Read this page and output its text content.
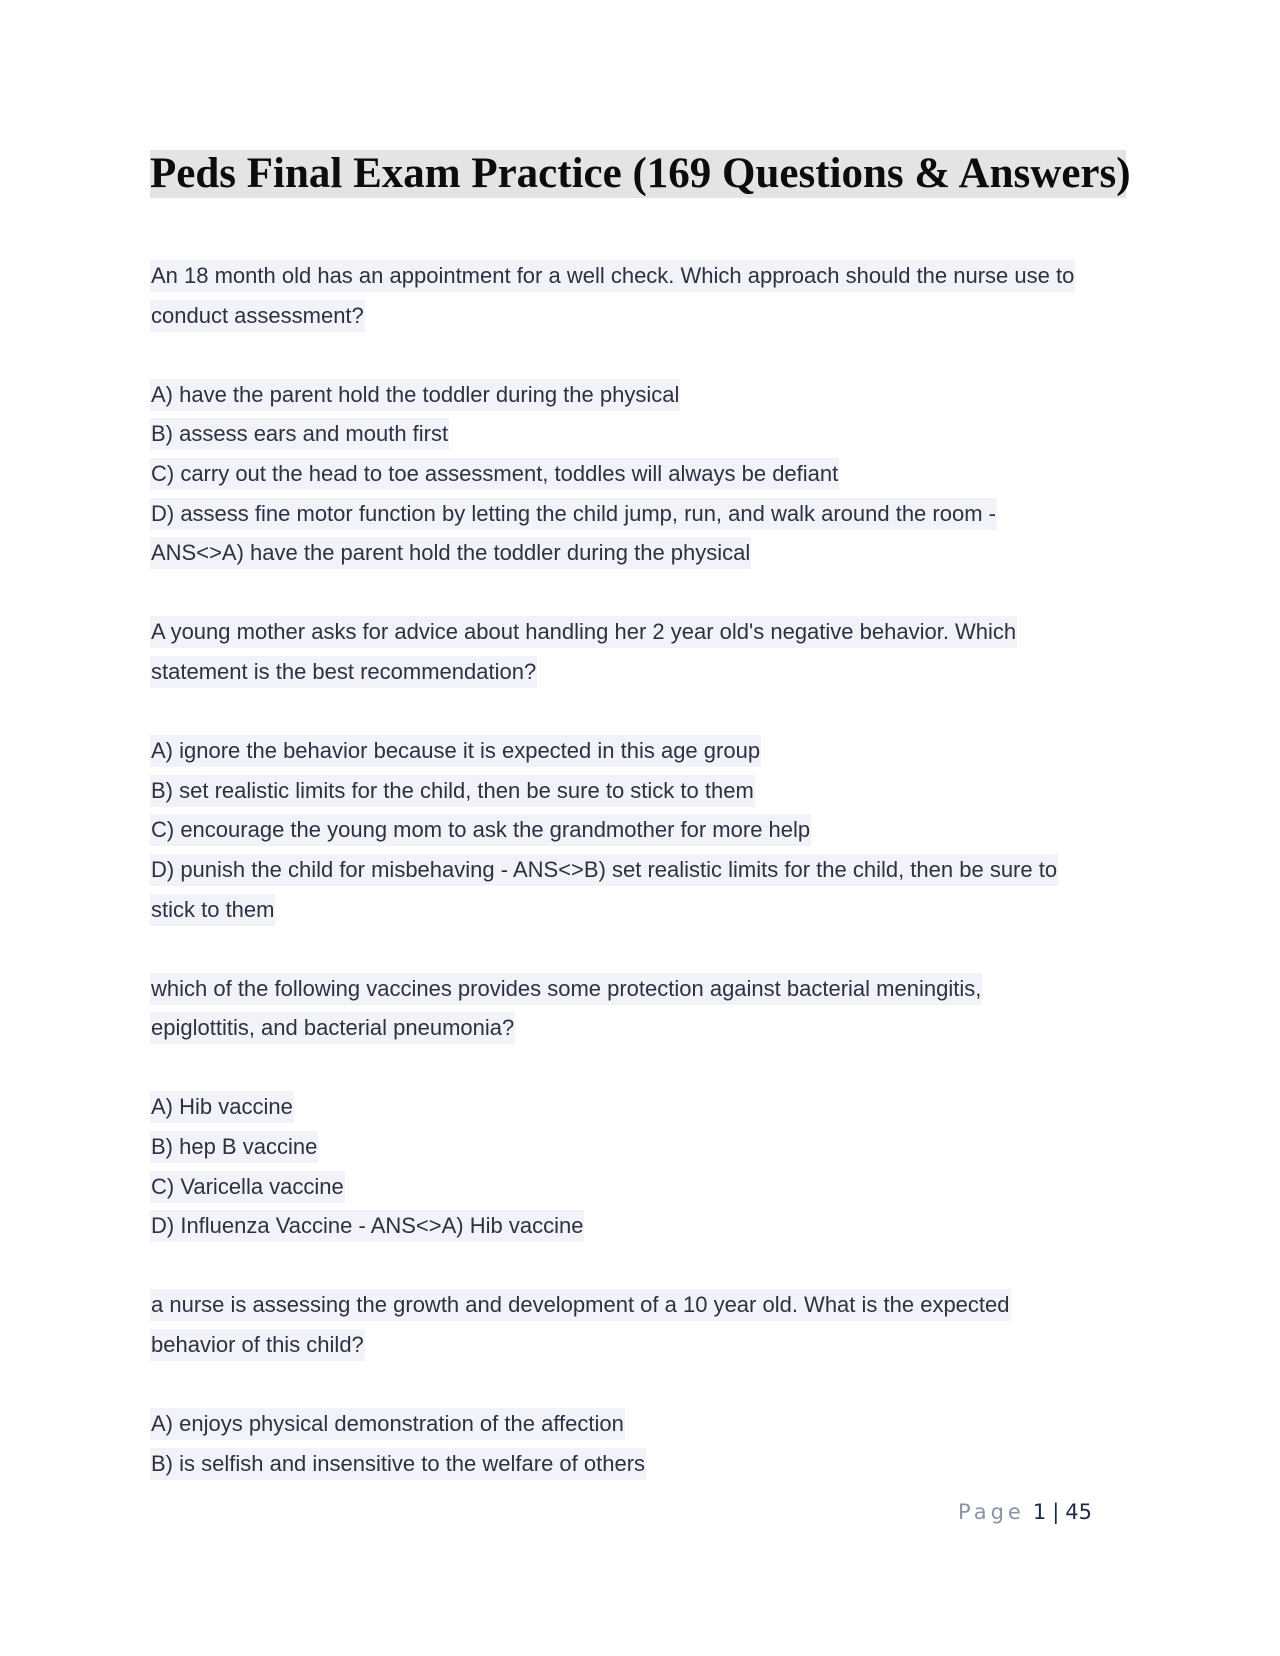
Peds Final Exam Practice (169 Questions & Answers)
An 18 month old has an appointment for a well check. Which approach should the nurse use to
conduct assessment?
A) have the parent hold the toddler during the physical
B) assess ears and mouth first
C) carry out the head to toe assessment, toddles will always be defiant
D) assess fine motor function by letting the child jump, run, and walk around the room -
ANS<>A) have the parent hold the toddler during the physical
A young mother asks for advice about handling her 2 year old's negative behavior. Which
statement is the best recommendation?
A) ignore the behavior because it is expected in this age group
B) set realistic limits for the child, then be sure to stick to them
C) encourage the young mom to ask the grandmother for more help
D) punish the child for misbehaving - ANS<>B) set realistic limits for the child, then be sure to
stick to them
which of the following vaccines provides some protection against bacterial meningitis,
epiglottitis, and bacterial pneumonia?
A) Hib vaccine
B) hep B vaccine
C) Varicella vaccine
D) Influenza Vaccine - ANS<>A) Hib vaccine
a nurse is assessing the growth and development of a 10 year old. What is the expected
behavior of this child?
A) enjoys physical demonstration of the affection
B) is selfish and insensitive to the welfare of others
Page 1 | 45
